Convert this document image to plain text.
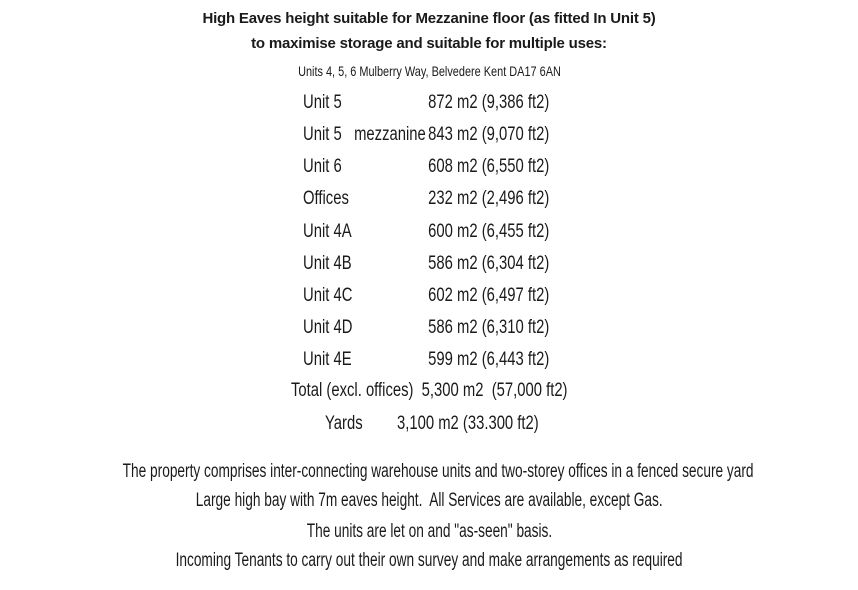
High Eaves height suitable for Mezzanine floor (as fitted In Unit 5)
to maximise storage and suitable for multiple uses:
Units 4, 5, 6 Mulberry Way, Belvedere Kent DA17 6AN
Unit 5	872 m2 (9,386 ft2)
Unit 5   mezzanine 843 m2 (9,070 ft2)
Unit 6	608 m2 (6,550 ft2)
Offices	232 m2 (2,496 ft2)
Unit 4A	600 m2 (6,455 ft2)
Unit 4B	586 m2 (6,304 ft2)
Unit 4C	602 m2 (6,497 ft2)
Unit 4D	586 m2 (6,310 ft2)
Unit 4E	599 m2 (6,443 ft2)
Total (excl. offices)  5,300 m2  (57,000 ft2)
Yards 3,100 m2 (33.300 ft2)
The property comprises inter-connecting warehouse units and two-storey offices in a fenced secure yard
Large high bay with 7m eaves height.  All Services are available, except Gas.
The units are let on and "as-seen" basis.
Incoming Tenants to carry out their own survey and make arrangements as required
